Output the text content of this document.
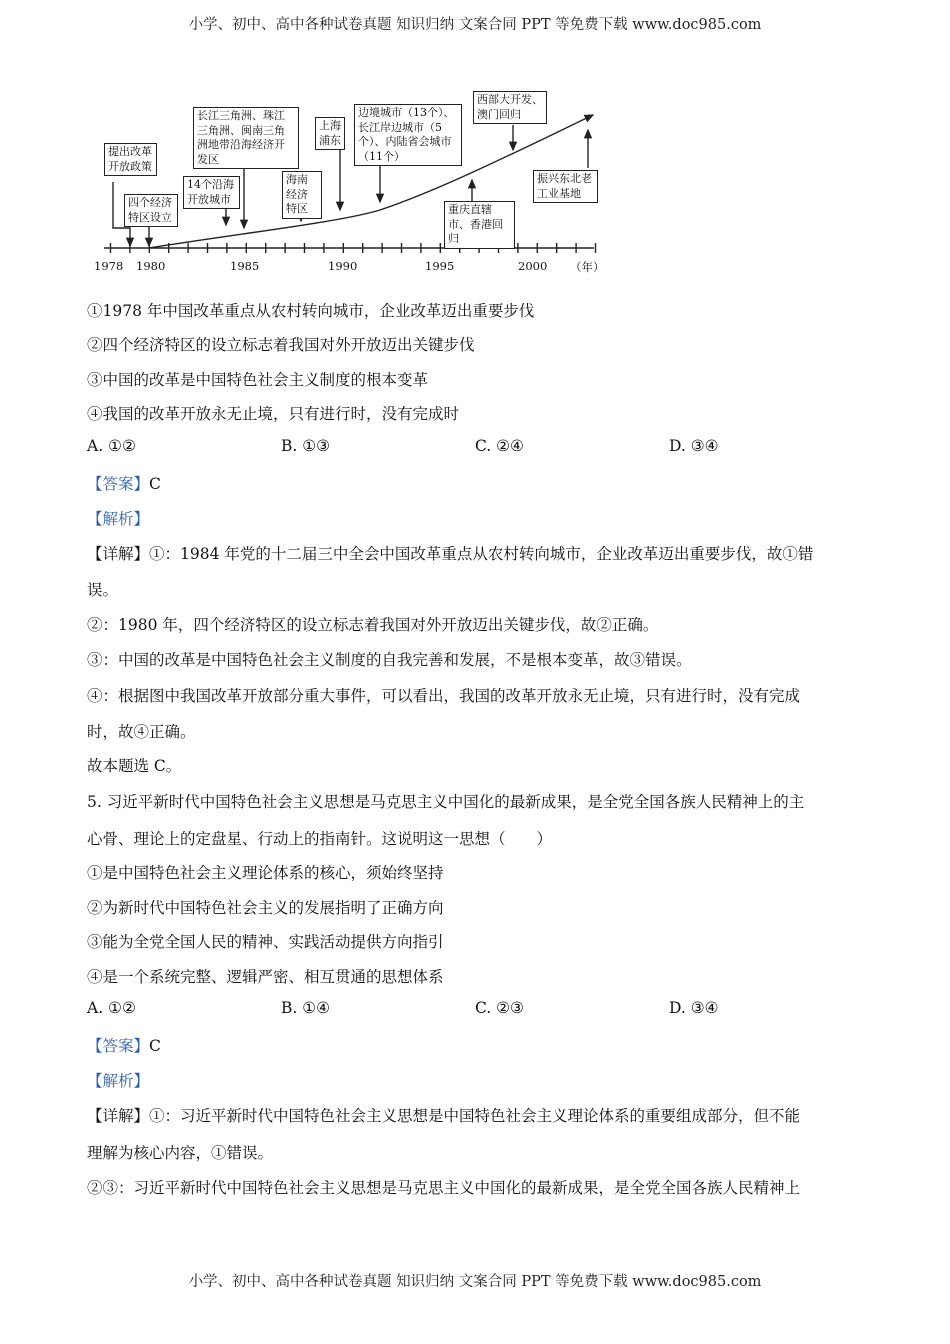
小学、初中、高中各种试卷真题 知识归纳 文案合同 PPT 等免费下载 www.doc985.com
提出改革开放政策
四个经济特区设立
14个沿海开放城市
长江三角洲、珠江三角洲、闽南三角洲地带沿海经济开发区
海南经济特区
上海浦东
边境城市（13个）、长江岸边城市（5个）、内陆省会城市（11个）
重庆直辖市、香港回归
西部大开发、澳门回归
振兴东北老工业基地
1978 1980	1985	1990	1995	2000 （年）
①1978 年中国改革重点从农村转向城市，企业改革迈出重要步伐
②四个经济特区的设立标志着我国对外开放迈出关键步伐
③中国的改革是中国特色社会主义制度的根本变革
④我国的改革开放永无止境，只有进行时，没有完成时
A. ①②	B. ①③	C. ②④	D. ③④
【答案】C
【解析】
【详解】①：1984 年党的十二届三中全会中国改革重点从农村转向城市，企业改革迈出重要步伐，故①错
误。
②：1980 年，四个经济特区的设立标志着我国对外开放迈出关键步伐，故②正确。
③：中国的改革是中国特色社会主义制度的自我完善和发展，不是根本变革，故③错误。
④：根据图中我国改革开放部分重大事件，可以看出，我国的改革开放永无止境，只有进行时，没有完成
时，故④正确。
故本题选 C。
5. 习近平新时代中国特色社会主义思想是马克思主义中国化的最新成果，是全党全国各族人民精神上的主
心骨、理论上的定盘星、行动上的指南针。这说明这一思想（　　）
①是中国特色社会主义理论体系的核心，须始终坚持
②为新时代中国特色社会主义的发展指明了正确方向
③能为全党全国人民的精神、实践活动提供方向指引
④是一个系统完整、逻辑严密、相互贯通的思想体系
A. ①②	B. ①④	C. ②③	D. ③④
【答案】C
【解析】
【详解】①：习近平新时代中国特色社会主义思想是中国特色社会主义理论体系的重要组成部分，但不能
理解为核心内容，①错误。
②③：习近平新时代中国特色社会主义思想是马克思主义中国化的最新成果，是全党全国各族人民精神上
小学、初中、高中各种试卷真题 知识归纳 文案合同 PPT 等免费下载 www.doc985.com
